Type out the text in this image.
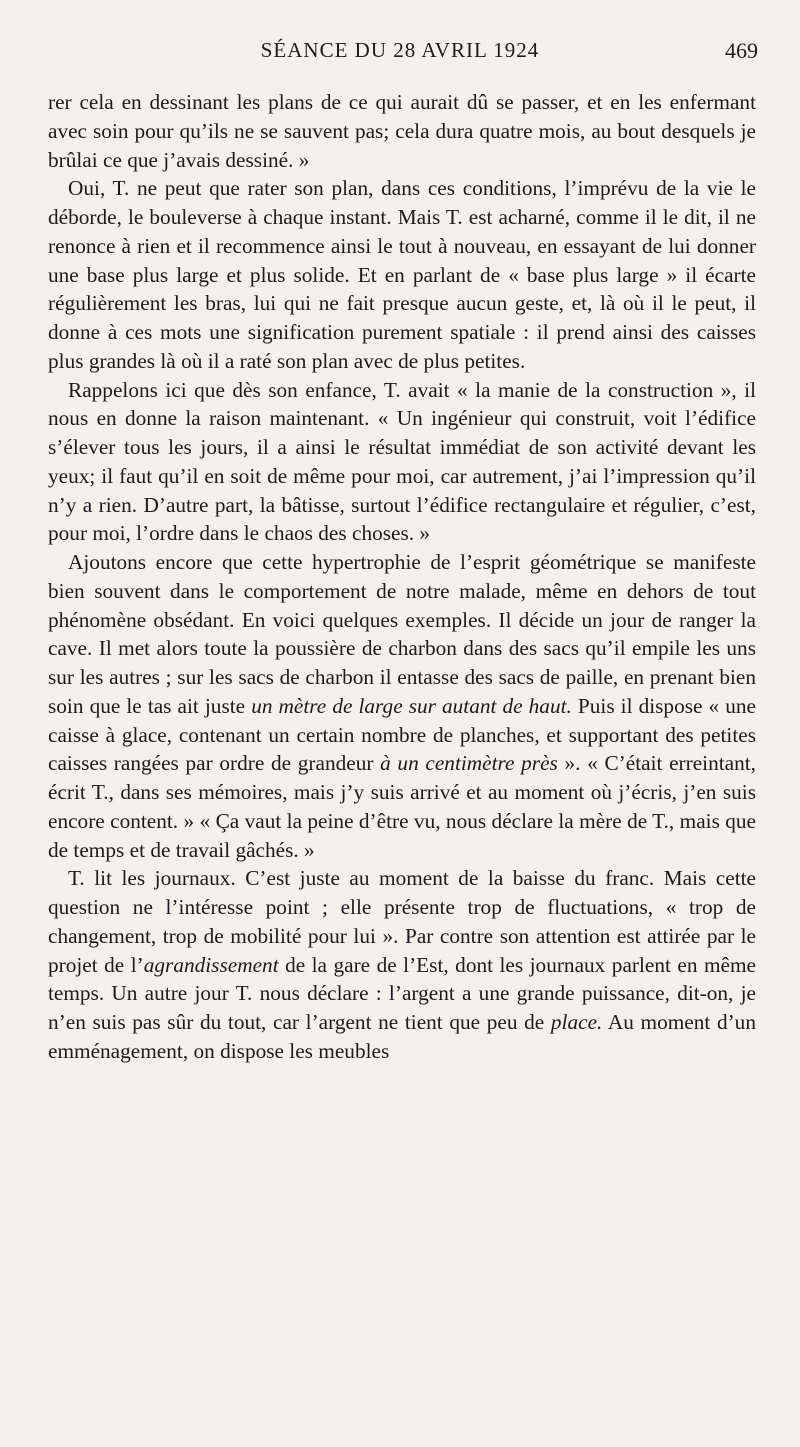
SÉANCE DU 28 AVRIL 1924	469

rer cela en dessinant les plans de ce qui aurait dû se passer, et en les enfermant avec soin pour qu’ils ne se sauvent pas; cela dura quatre mois, au bout desquels je brûlai ce que j’avais dessiné. »

Oui, T. ne peut que rater son plan, dans ces conditions, l’imprévu de la vie le déborde, le bouleverse à chaque instant. Mais T. est acharné, comme il le dit, il ne renonce à rien et il recommence ainsi le tout à nouveau, en essayant de lui donner une base plus large et plus solide. Et en parlant de « base plus large » il écarte régulièrement les bras, lui qui ne fait presque aucun geste, et, là où il le peut, il donne à ces mots une signification purement spatiale : il prend ainsi des caisses plus grandes là où il a raté son plan avec de plus petites.

Rappelons ici que dès son enfance, T. avait « la manie de la construction », il nous en donne la raison maintenant. « Un ingénieur qui construit, voit l’édifice s’élever tous les jours, il a ainsi le résultat immédiat de son activité devant les yeux; il faut qu’il en soit de même pour moi, car autrement, j’ai l’impression qu’il n’y a rien. D’autre part, la bâtisse, surtout l’édifice rectangulaire et régulier, c’est, pour moi, l’ordre dans le chaos des choses. »

Ajoutons encore que cette hypertrophie de l’esprit géométrique se manifeste bien souvent dans le comportement de notre malade, même en dehors de tout phénomène obsédant. En voici quelques exemples. Il décide un jour de ranger la cave. Il met alors toute la poussière de charbon dans des sacs qu’il empile les uns sur les autres ; sur les sacs de charbon il entasse des sacs de paille, en prenant bien soin que le tas ait juste un mètre de large sur autant de haut. Puis il dispose « une caisse à glace, contenant un certain nombre de planches, et supportant des petites caisses rangées par ordre de grandeur à un centimètre près ». « C’était erreintant, écrit T., dans ses mémoires, mais j’y suis arrivé et au moment où j’écris, j’en suis encore content. » « Ça vaut la peine d’être vu, nous déclare la mère de T., mais que de temps et de travail gâchés. »

T. lit les journaux. C’est juste au moment de la baisse du franc. Mais cette question ne l’intéresse point ; elle présente trop de fluctuations, « trop de changement, trop de mobilité pour lui ». Par contre son attention est attirée par le projet de l’agrandissement de la gare de l’Est, dont les journaux parlent en même temps. Un autre jour T. nous déclare : l’argent a une grande puissance, dit-on, je n’en suis pas sûr du tout, car l’argent ne tient que peu de place. Au moment d’un emménagement, on dispose les meubles
